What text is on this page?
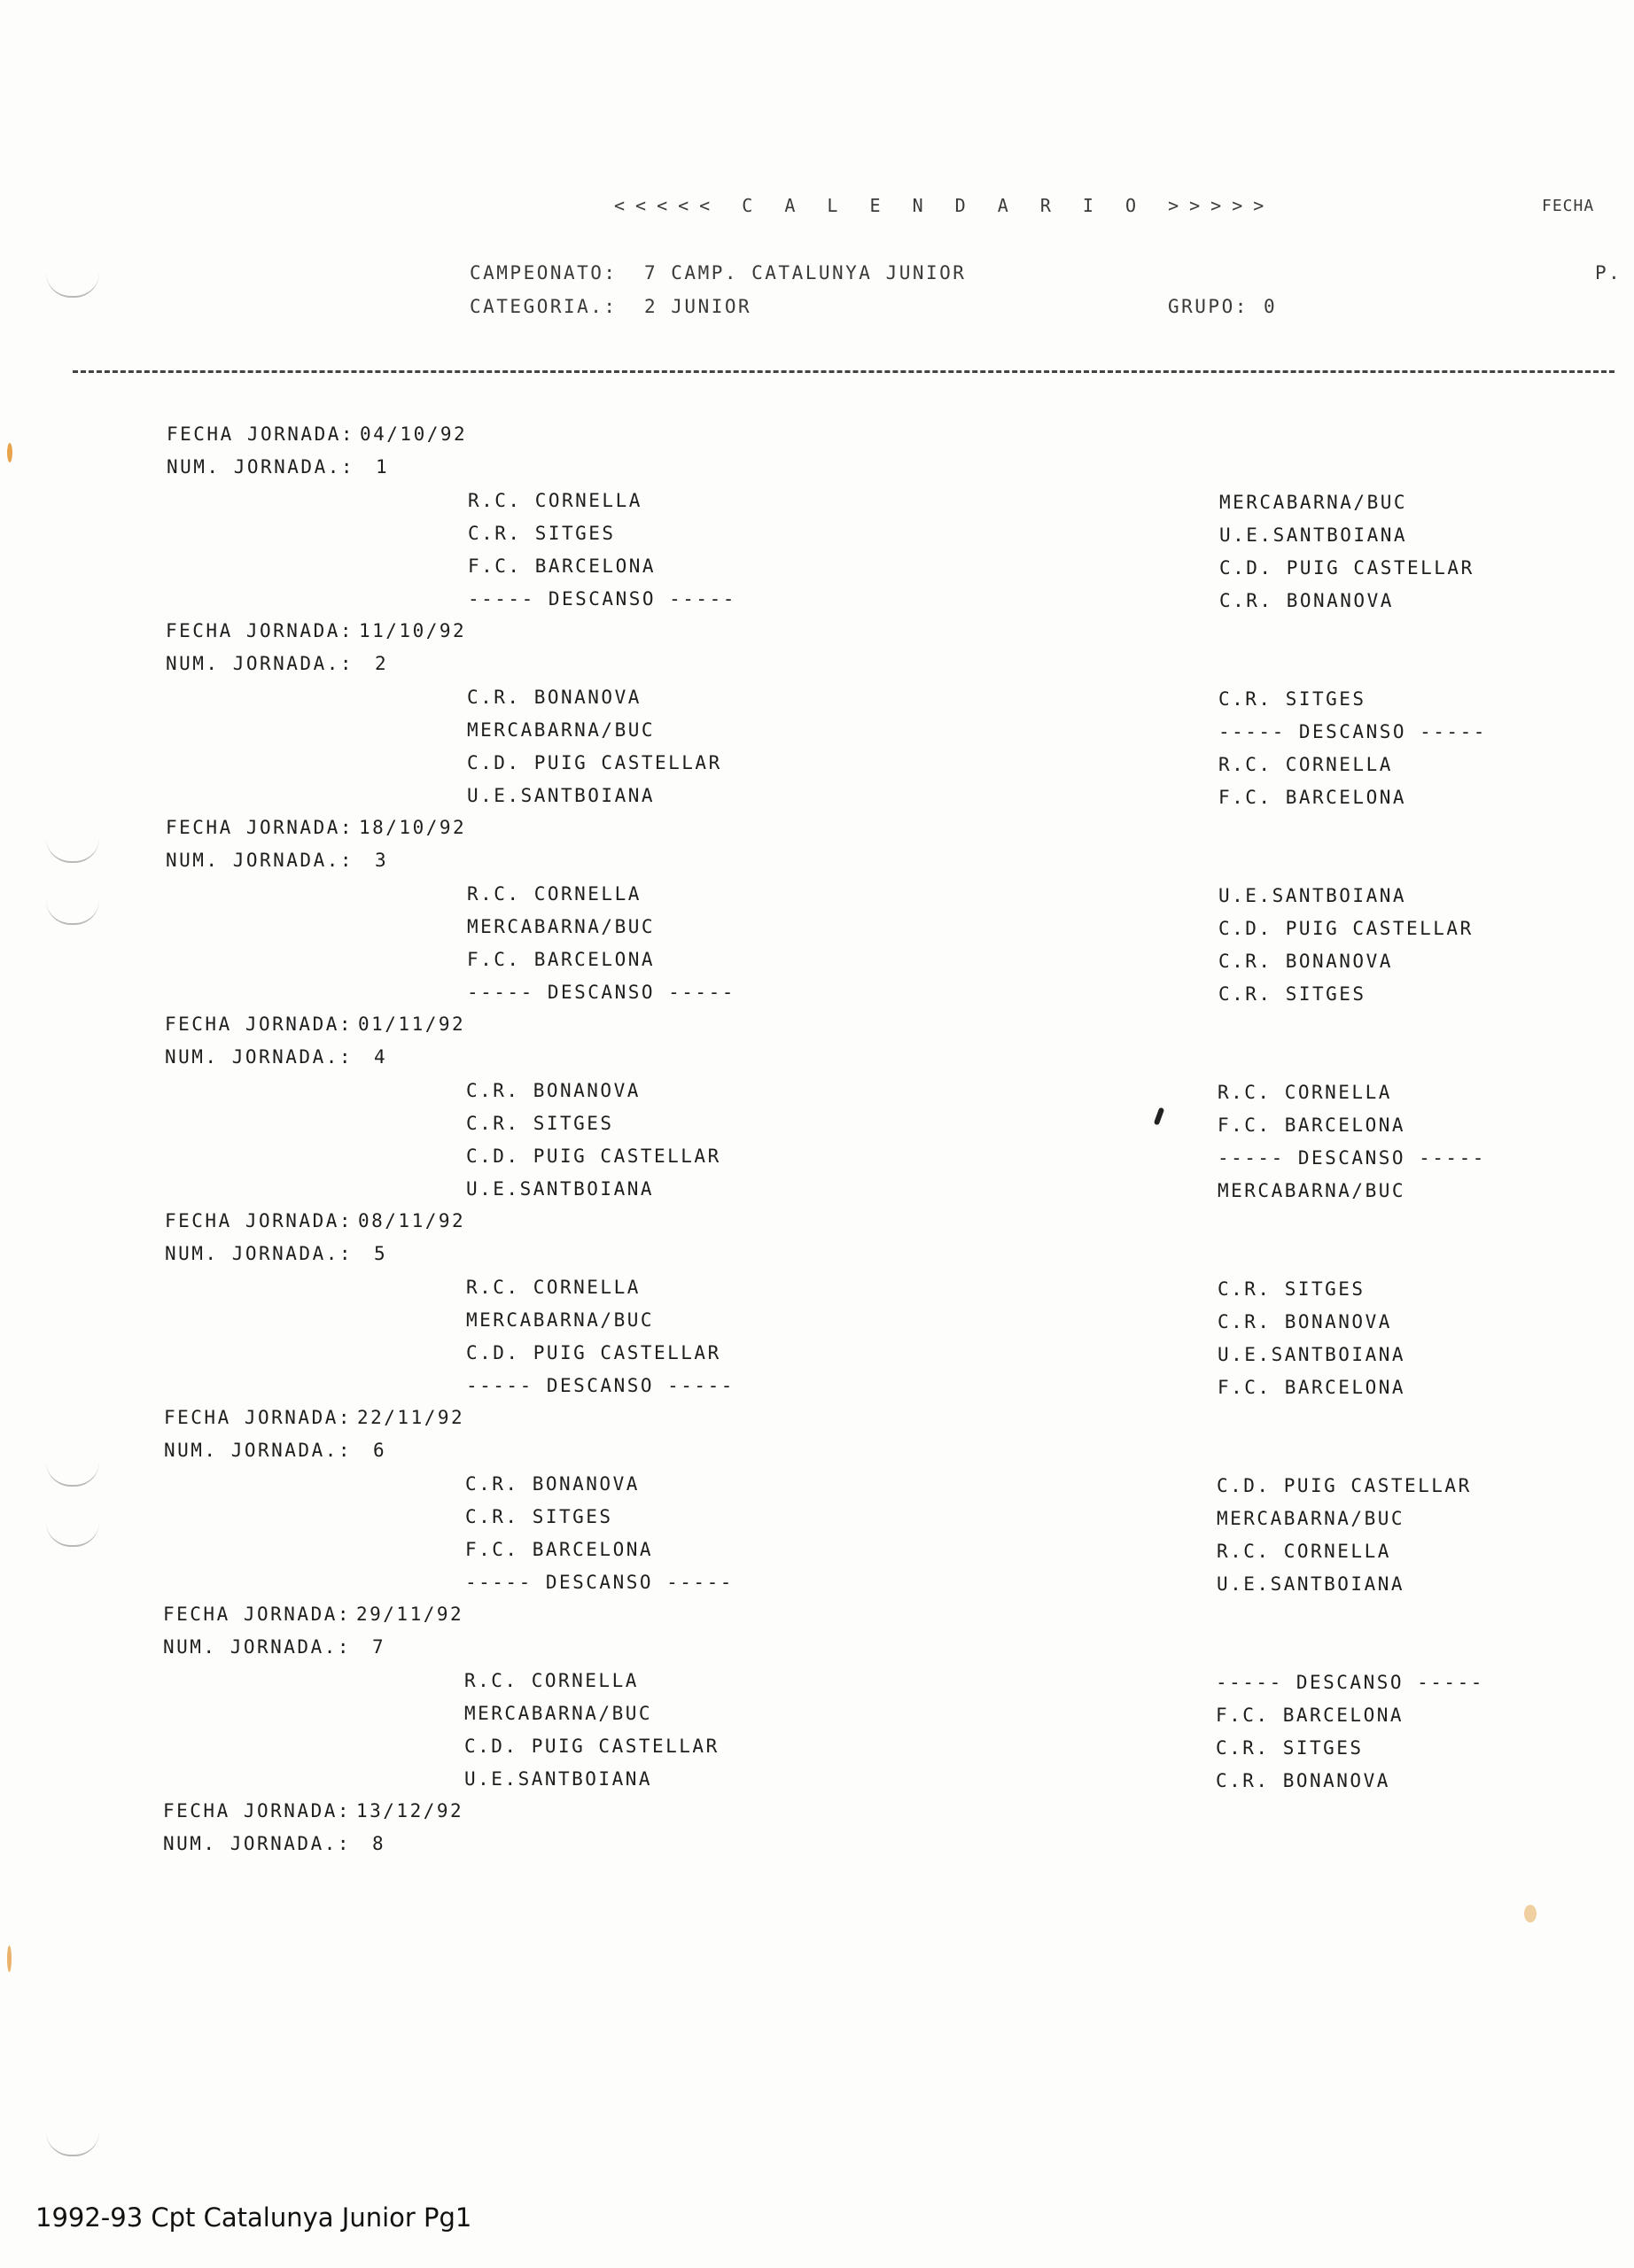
<<<<< C A L E N D A R I O >>>>>	FECHA
P.
CAMPEONATO: 7 CAMP. CATALUNYA JUNIOR
CATEGORIA.: 2 JUNIOR	GRUPO: 0
FECHA JORNADA: 04/10/92
NUM. JORNADA.: 1
R.C. CORNELLA
C.R. SITGES
F.C. BARCELONA
----- DESCANSO -----
MERCABARNA/BUC
U.E.SANTBOIANA
C.D. PUIG CASTELLAR
C.R. BONANOVA
FECHA JORNADA: 11/10/92
NUM. JORNADA.: 2
C.R. BONANOVA
MERCABARNA/BUC
C.D. PUIG CASTELLAR
U.E.SANTBOIANA
C.R. SITGES
----- DESCANSO -----
R.C. CORNELLA
F.C. BARCELONA
FECHA JORNADA: 18/10/92
NUM. JORNADA.: 3
R.C. CORNELLA
MERCABARNA/BUC
F.C. BARCELONA
----- DESCANSO -----
U.E.SANTBOIANA
C.D. PUIG CASTELLAR
C.R. BONANOVA
C.R. SITGES
FECHA JORNADA: 01/11/92
NUM. JORNADA.: 4
C.R. BONANOVA
C.R. SITGES
C.D. PUIG CASTELLAR
U.E.SANTBOIANA
R.C. CORNELLA
F.C. BARCELONA
----- DESCANSO -----
MERCABARNA/BUC
FECHA JORNADA: 08/11/92
NUM. JORNADA.: 5
R.C. CORNELLA
MERCABARNA/BUC
C.D. PUIG CASTELLAR
----- DESCANSO -----
C.R. SITGES
C.R. BONANOVA
U.E.SANTBOIANA
F.C. BARCELONA
FECHA JORNADA: 22/11/92
NUM. JORNADA.: 6
C.R. BONANOVA
C.R. SITGES
F.C. BARCELONA
----- DESCANSO -----
C.D. PUIG CASTELLAR
MERCABARNA/BUC
R.C. CORNELLA
U.E.SANTBOIANA
FECHA JORNADA: 29/11/92
NUM. JORNADA.: 7
R.C. CORNELLA
MERCABARNA/BUC
C.D. PUIG CASTELLAR
U.E.SANTBOIANA
----- DESCANSO -----
F.C. BARCELONA
C.R. SITGES
C.R. BONANOVA
FECHA JORNADA: 13/12/92
NUM. JORNADA.: 8
1992-93 Cpt Catalunya Junior Pg1
